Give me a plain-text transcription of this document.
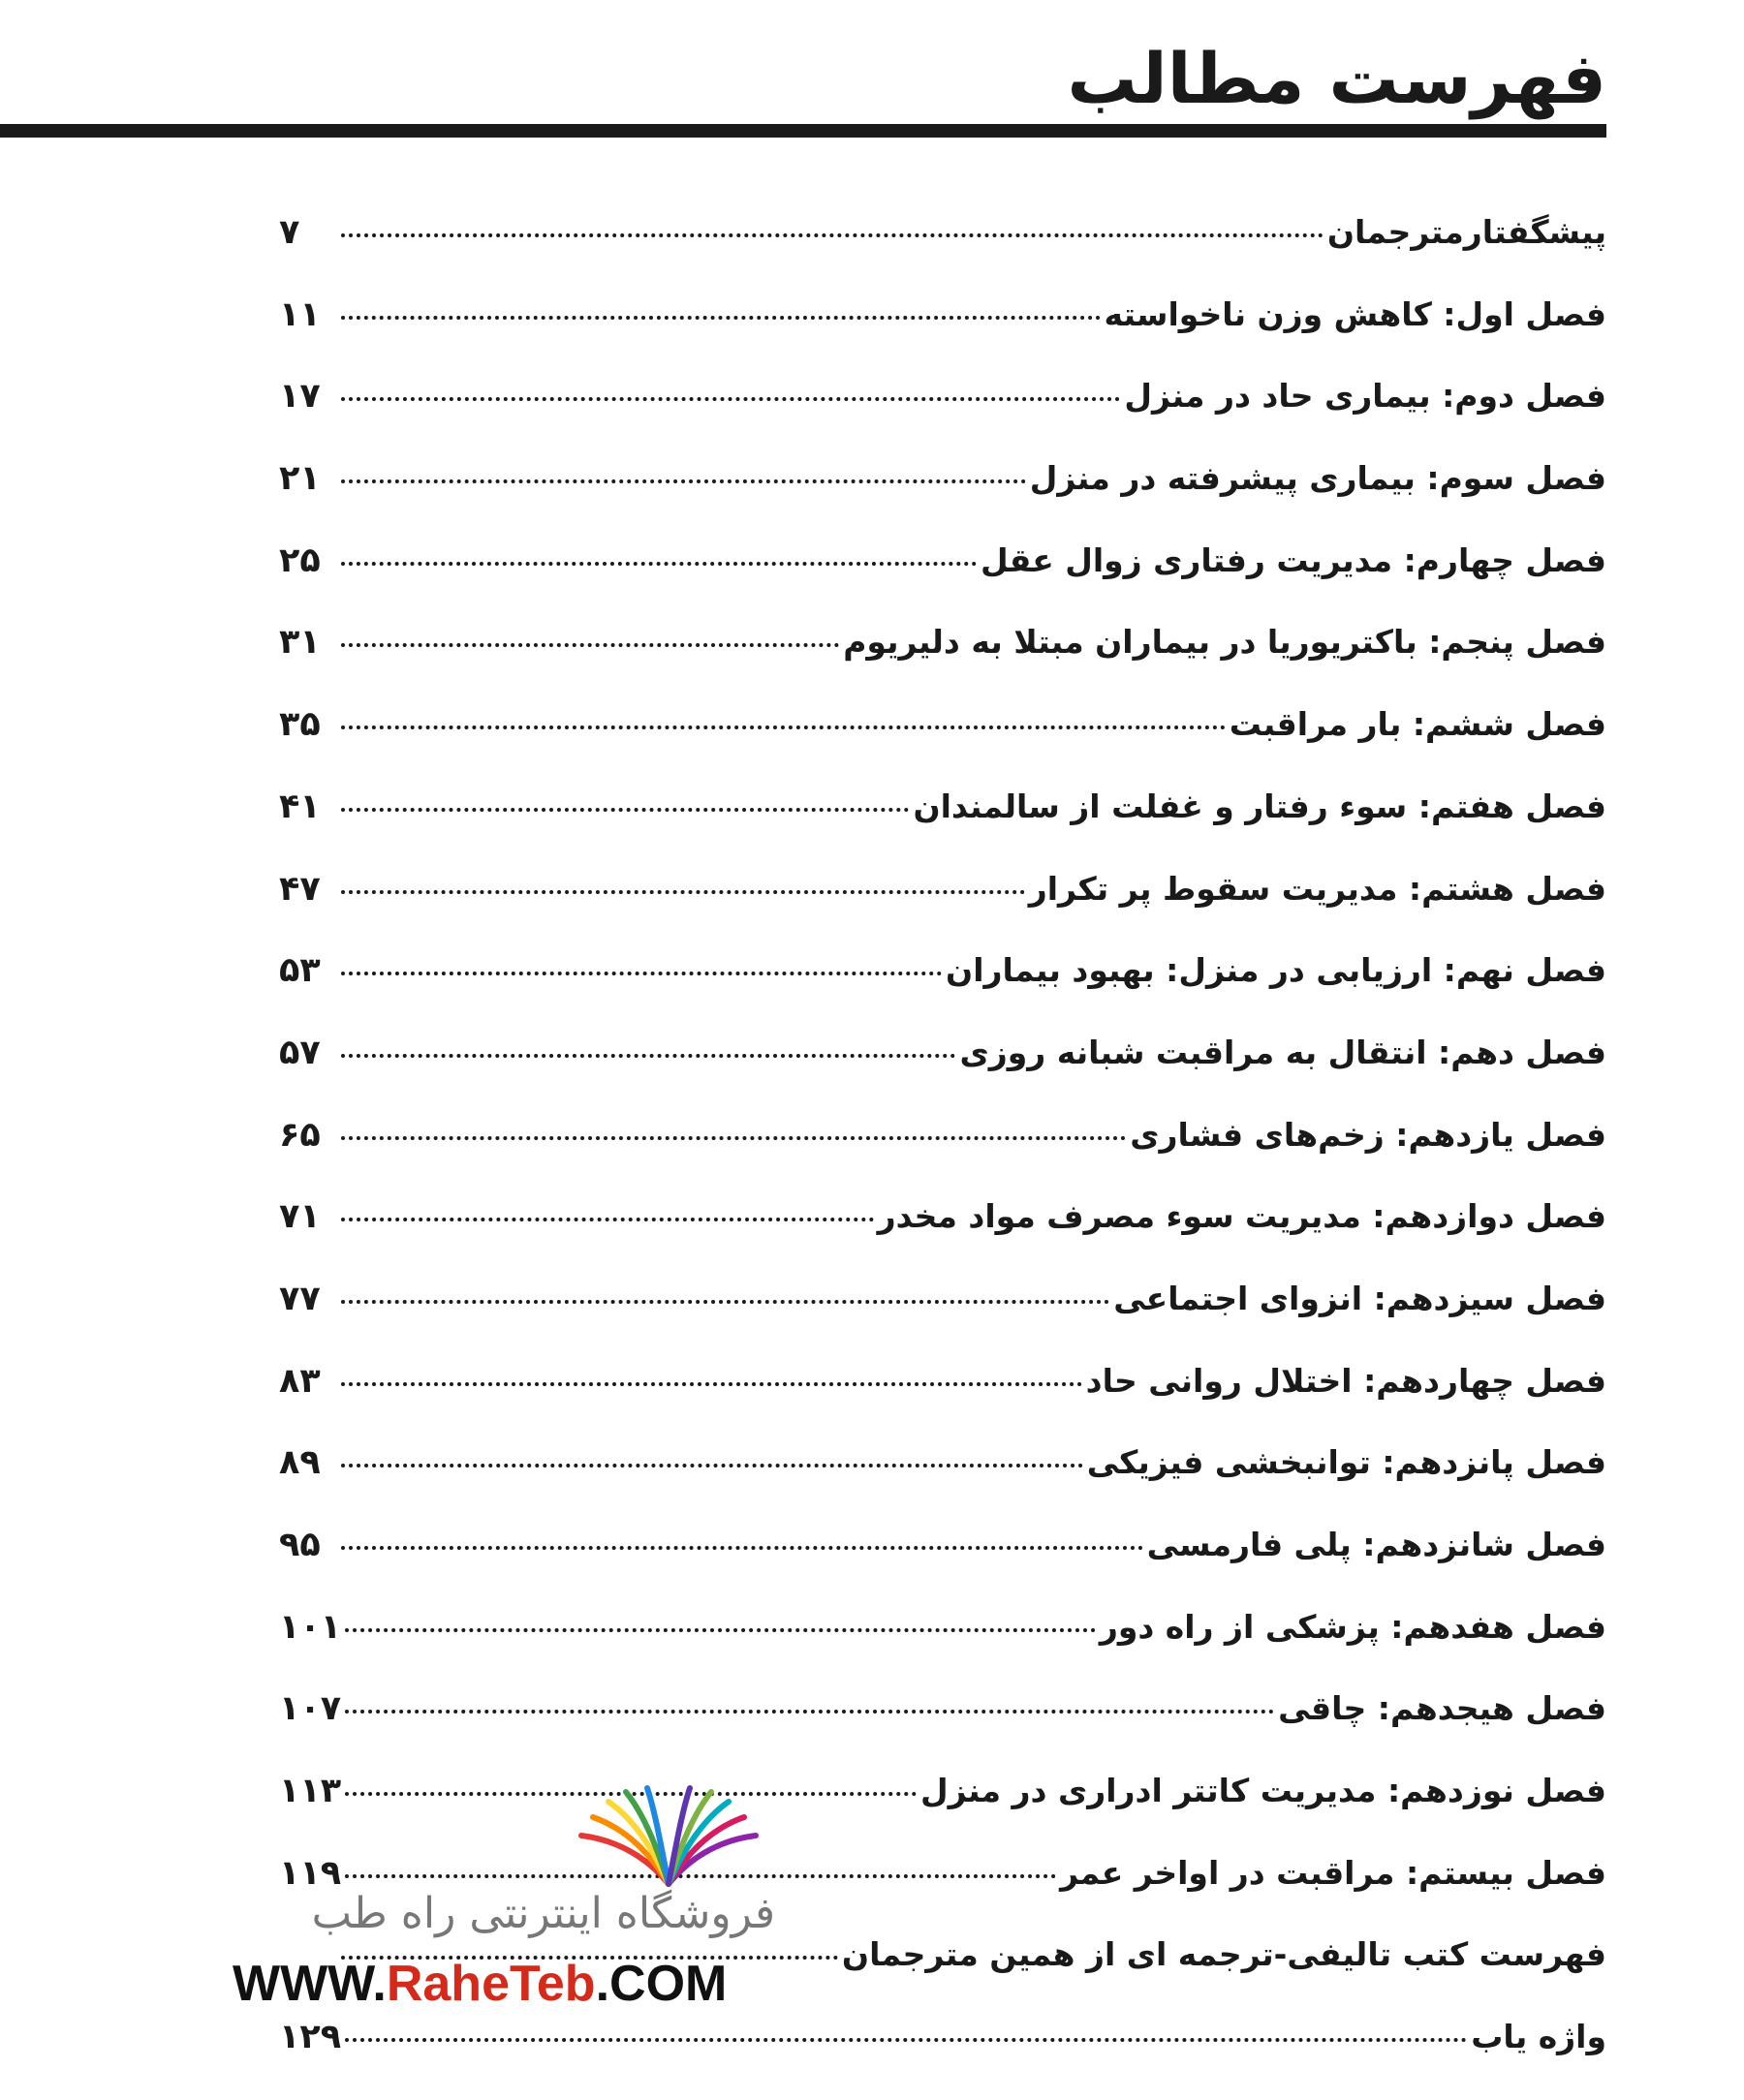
فهرست مطالب
پیشگفتارمترجمان
۷
فصل اول: کاهش وزن ناخواسته
۱۱
فصل دوم: بیماری حاد در منزل
۱۷
فصل سوم: بیماری پیشرفته در منزل
۲۱
فصل چهارم: مدیریت رفتاری زوال عقل
۲۵
فصل پنجم: باکتریوریا در بیماران مبتلا به دلیریوم
۳۱
فصل ششم: بار مراقبت
۳۵
فصل هفتم: سوء رفتار و غفلت از سالمندان
۴۱
فصل هشتم: مدیریت سقوط پر تکرار
۴۷
فصل نهم: ارزیابی در منزل: بهبود بیماران
۵۳
فصل دهم: انتقال به مراقبت شبانه روزی
۵۷
فصل یازدهم: زخم‌های فشاری
۶۵
فصل دوازدهم: مدیریت سوء مصرف مواد مخدر
۷۱
فصل سیزدهم: انزوای اجتماعی
۷۷
فصل چهاردهم: اختلال روانی حاد
۸۳
فصل پانزدهم: توانبخشی فیزیکی
۸۹
فصل شانزدهم: پلی فارمسی
۹۵
فصل هفدهم: پزشکی از راه دور
۱۰۱
فصل هیجدهم: چاقی
۱۰۷
فصل نوزدهم: مدیریت کاتتر ادراری در منزل
۱۱۳
فصل بیستم: مراقبت در اواخر عمر
۱۱۹
فهرست کتب تالیفی-ترجمه ای از همین مترجمان
واژه یاب
۱۲۹
فروشگاه اینترنتی راه طب
WWW.RaheTeb.COM
